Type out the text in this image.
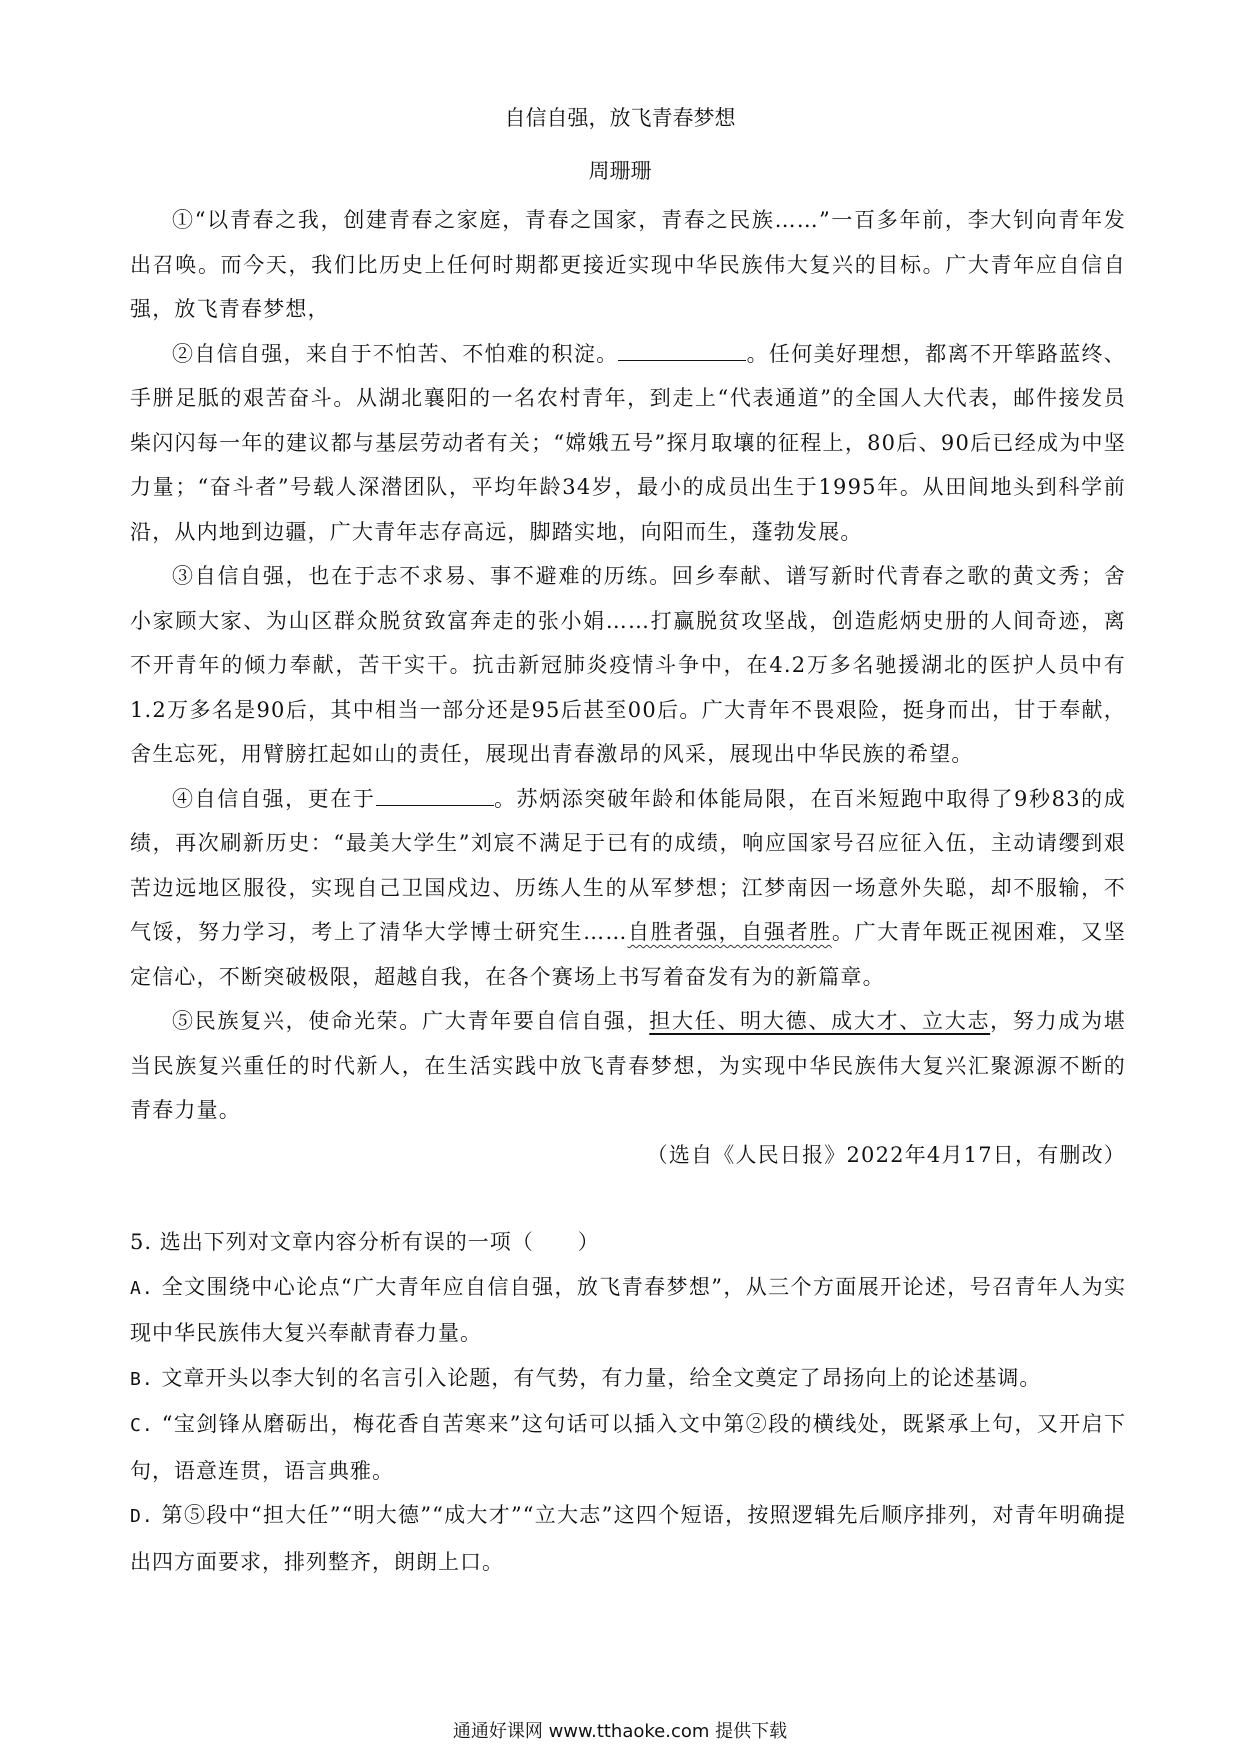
自信自强，放飞青春梦想
周珊珊

①“以青春之我，创建青春之家庭，青春之国家，青春之民族……”一百多年前，李大钊向青年发出召唤。而今天，我们比历史上任何时期都更接近实现中华民族伟大复兴的目标。广大青年应自信自强，放飞青春梦想，

②自信自强，来自于不怕苦、不怕难的积淀。	。任何美好理想，都离不开筚路蓝终、手胼足胝的艰苦奋斗。从湖北襄阳的一名农村青年，到走上“代表通道”的全国人大代表，邮件接发员柴闪闪每一年的建议都与基层劳动者有关；“嫦娥五号”探月取壤的征程上，80后、90后已经成为中坚力量；“奋斗者”号载人深潜团队，平均年龄34岁，最小的成员出生于1995年。从田间地头到科学前沿，从内地到边疆，广大青年志存高远，脚踏实地，向阳而生，蓬勃发展。

③自信自强，也在于志不求易、事不避难的历练。回乡奉献、谱写新时代青春之歌的黄文秀；舍小家顾大家、为山区群众脱贫致富奔走的张小娟……打赢脱贫攻坚战，创造彪炳史册的人间奇迹，离不开青年的倾力奉献，苦干实干。抗击新冠肺炎疫情斗争中，在4.2万多名驰援湖北的医护人员中有1.2万多名是90后，其中相当一部分还是95后甚至00后。广大青年不畏艰险，挺身而出，甘于奉献，舍生忘死，用臂膀扛起如山的责任，展现出青春激昂的风采，展现出中华民族的希望。

④自信自强，更在于	。苏炳添突破年龄和体能局限，在百米短跑中取得了9秒83的成绩，再次刷新历史：“最美大学生”刘宸不满足于已有的成绩，响应国家号召应征入伍，主动请缨到艰苦边远地区服役，实现自己卫国戍边、历练人生的从军梦想；江梦南因一场意外失聪，却不服输，不气馁，努力学习，考上了清华大学博士研究生……自胜者强，自强者胜。广大青年既正视困难，又坚定信心，不断突破极限，超越自我，在各个赛场上书写着奋发有为的新篇章。

⑤民族复兴，使命光荣。广大青年要自信自强，担大任、明大德、成大才、立大志，努力成为堪当民族复兴重任的时代新人，在生活实践中放飞青春梦想，为实现中华民族伟大复兴汇聚源源不断的青春力量。

（选自《人民日报》2022年4月17日，有删改）

5. 选出下列对文章内容分析有误的一项（　　）

A. 全文围绕中心论点“广大青年应自信自强，放飞青春梦想”，从三个方面展开论述，号召青年人为实现中华民族伟大复兴奉献青春力量。

B. 文章开头以李大钊的名言引入论题，有气势，有力量，给全文奠定了昂扬向上的论述基调。

C. “宝剑锋从磨砺出，梅花香自苦寒来”这句话可以插入文中第②段的横线处，既紧承上句，又开启下句，语意连贯，语言典雅。

D. 第⑤段中“担大任”“明大德”“成大才”“立大志”这四个短语，按照逻辑先后顺序排列，对青年明确提出四方面要求，排列整齐，朗朗上口。

通通好课网 www.tthaoke.com 提供下载
